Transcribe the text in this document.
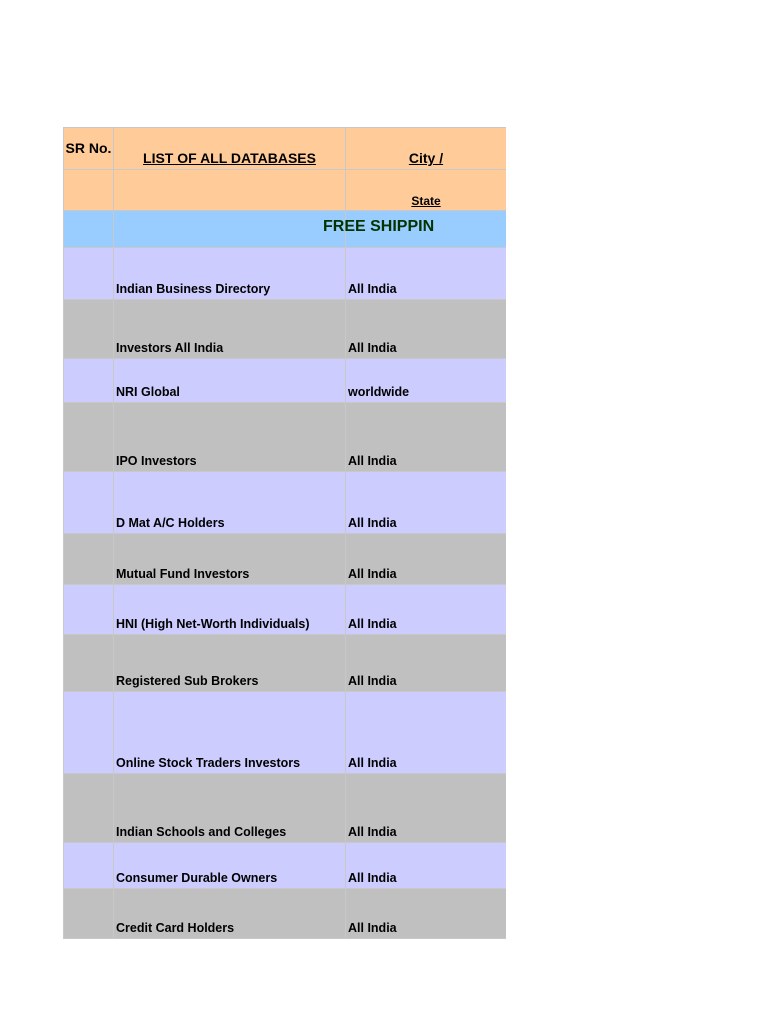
SR No.	LIST OF ALL DATABASES	City /
		State

	Indian Business Directory	All India
	Investors All India	All India
	NRI Global	worldwide
	IPO Investors	All India
	D Mat A/C Holders	All India
	Mutual Fund Investors	All India
	HNI (High Net-Worth Individuals)	All India
	Registered Sub Brokers	All India
	Online Stock Traders Investors	All India
	Indian Schools and Colleges	All India
	Consumer Durable Owners	All India
	Credit Card Holders	All India
FREE SHIPPIN
